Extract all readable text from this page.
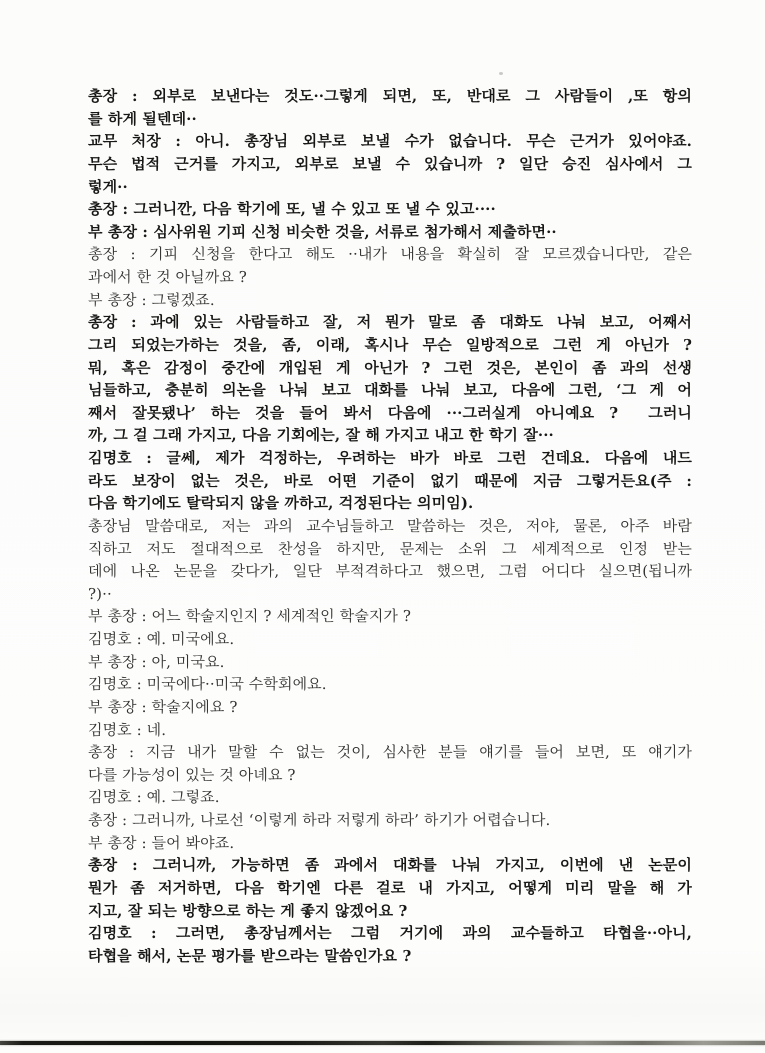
총장 : 외부로 보낸다는 것도··그렇게 되면, 또, 반대로 그 사람들이 ,또 항의
를 하게 될텐데··
교무 처장 : 아니. 총장님 외부로 보낼 수가 없습니다. 무슨 근거가 있어야죠.
무슨 법적 근거를 가지고, 외부로 보낼 수 있습니까 ? 일단 승진 심사에서 그
렇게··
총장 : 그러니깐, 다음 학기에 또, 낼 수 있고 또 낼 수 있고····
부 총장 : 심사위원 기피 신청 비슷한 것을, 서류로 첨가해서 제출하면··
총장 : 기피 신청을 한다고 해도 ··내가 내용을 확실히 잘 모르겠습니다만, 같은
과에서 한 것 아닐까요 ?
부 총장 : 그렇겠죠.
총장 : 과에 있는 사람들하고 잘, 저 뭔가 말로 좀 대화도 나눠 보고, 어째서
그리 되었는가하는 것을, 좀, 이래, 혹시나 무슨 일방적으로 그런 게 아닌가 ?
뭐, 혹은 감정이 중간에 개입된 게 아닌가 ? 그런 것은, 본인이 좀 과의 선생
님들하고, 충분히 의논을 나눠 보고 대화를 나눠 보고, 다음에 그런, ‘그 게 어
째서 잘못됐나’ 하는 것을 들어 봐서 다음에 ···그러실게 아니예요 ?  그러니
까, 그 걸 그래 가지고, 다음 기회에는, 잘 해 가지고 내고 한 학기 잘···
김명호 : 글쎄, 제가 걱정하는, 우려하는 바가 바로 그런 건데요. 다음에 내드
라도 보장이 없는 것은, 바로 어떤 기준이 없기 때문에 지금 그렇거든요(주 :
다음 학기에도 탈락되지 않을 까하고, 걱정된다는 의미임).
총장님 말씀대로, 저는 과의 교수님들하고 말씀하는 것은, 저야, 물론, 아주 바람
직하고 저도 절대적으로 찬성을 하지만, 문제는 소위 그 세계적으로 인정 받는
데에 나온 논문을 갖다가, 일단 부적격하다고 했으면, 그럼 어디다 실으면(됩니까
?)··
부 총장 : 어느 학술지인지 ? 세계적인 학술지가 ?
김명호 : 예. 미국에요.
부 총장 : 아, 미국요.
김명호 : 미국에다··미국 수학회에요.
부 총장 : 학술지에요 ?
김명호 : 네.
총장 : 지금 내가 말할 수 없는 것이, 심사한 분들 얘기를 들어 보면, 또 얘기가
다를 가능성이 있는 것 아녜요 ?
김명호 : 예. 그렇죠.
총장 : 그러니까, 나로선 ‘이렇게 하라 저렇게 하라’ 하기가 어렵습니다.
부 총장 : 들어 봐야죠.
총장 : 그러니까, 가능하면 좀 과에서 대화를 나눠 가지고, 이번에 낸 논문이
뭔가 좀 저거하면, 다음 학기엔 다른 걸로 내 가지고, 어떻게 미리 말을 해 가
지고, 잘 되는 방향으로 하는 게 좋지 않겠어요 ?
김명호 : 그러면, 총장님께서는 그럼 거기에 과의 교수들하고 타협을··아니,
타협을 해서, 논문 평가를 받으라는 말씀인가요 ?
